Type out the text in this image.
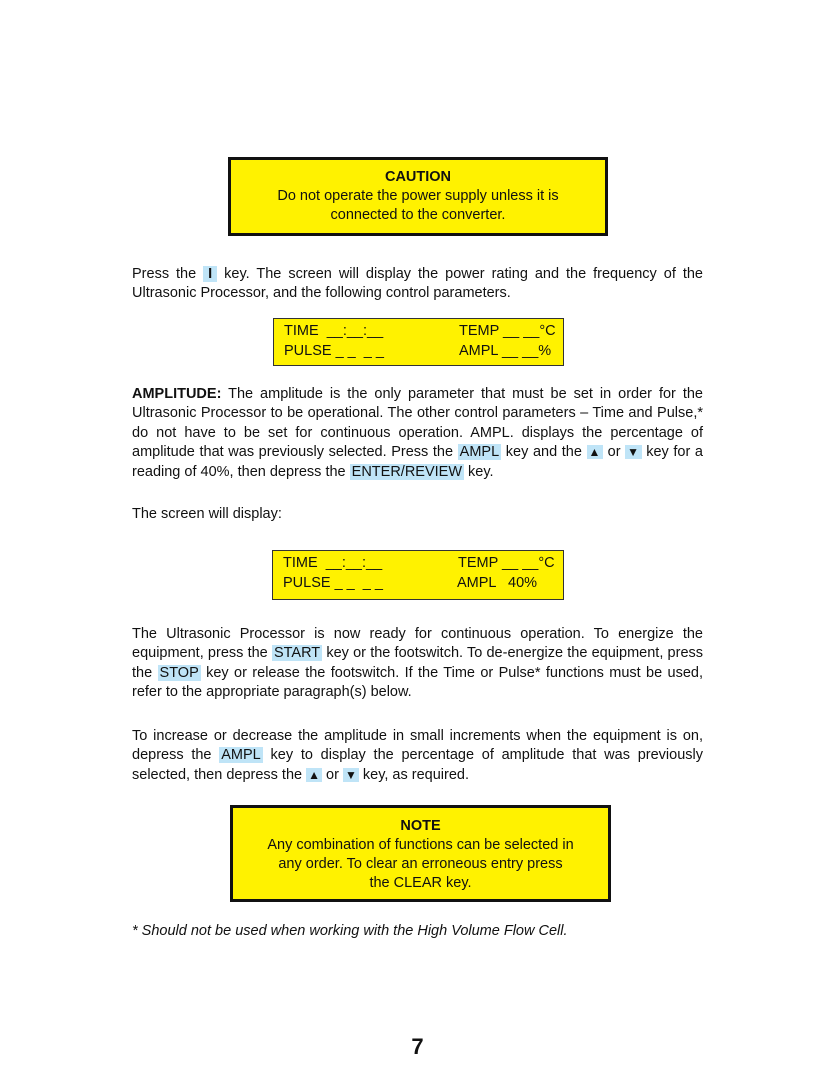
CAUTION
Do not operate the power supply unless it is
connected to the converter.
Press the I key. The screen will display the power rating and the frequency of the Ultrasonic Processor, and the following control parameters.
TIME  __:__:__	TEMP __ __°C
PULSE _ _  _ _	AMPL __ __%
AMPLITUDE: The amplitude is the only parameter that must be set in order for the Ultrasonic Processor to be operational. The other control parameters – Time and Pulse,* do not have to be set for continuous operation. AMPL. displays the percentage of amplitude that was previously selected. Press the AMPL key and the ▲ or ▼ key for a reading of 40%, then depress the ENTER/REVIEW key.
The screen will display:
TIME  __:__:__	TEMP __ __°C
PULSE _ _  _ _	AMPL   40%
The Ultrasonic Processor is now ready for continuous operation. To energize the equipment, press the START key or the footswitch. To de-energize the equipment, press the STOP key or release the footswitch. If the Time or Pulse* functions must be used, refer to the appropriate paragraph(s) below.
To increase or decrease the amplitude in small increments when the equipment is on, depress the AMPL key to display the percentage of amplitude that was previously selected, then depress the ▲ or ▼ key, as required.
NOTE
Any combination of functions can be selected in
any order. To clear an erroneous entry press
the CLEAR key.
* Should not be used when working with the High Volume Flow Cell.
7
